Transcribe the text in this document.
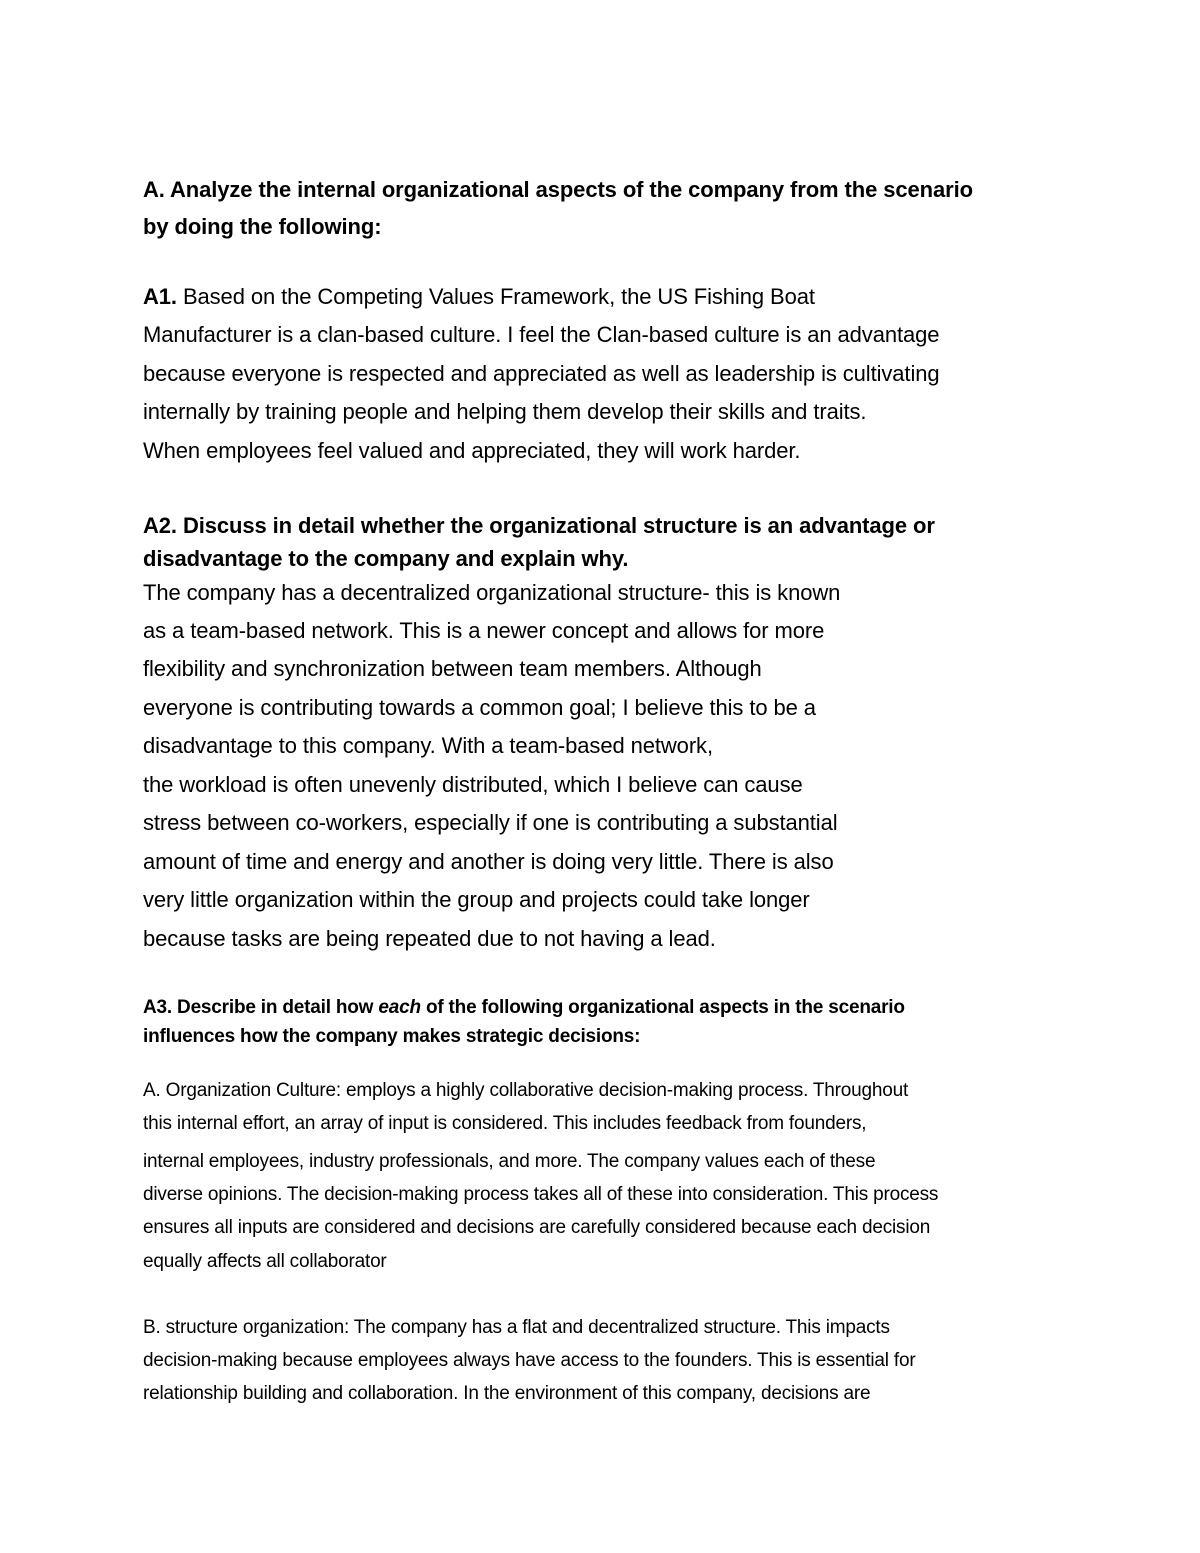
A. Analyze the internal organizational aspects of the company from the scenario

by doing the following:

A1. Based on the Competing Values Framework, the US Fishing Boat

Manufacturer is a clan-based culture. I feel the Clan-based culture is an advantage

because everyone is respected and appreciated as well as leadership is cultivating

internally by training people and helping them develop their skills and traits.

When employees feel valued and appreciated, they will work harder.

A2. Discuss in detail whether the organizational structure is an advantage or

disadvantage to the company and explain why.

The company has a decentralized organizational structure- this is known

as a team-based network. This is a newer concept and allows for more

flexibility and synchronization between team members. Although

everyone is contributing towards a common goal; I believe this to be a

disadvantage to this company. With a team-based network,

the workload is often unevenly distributed, which I believe can cause

stress between co-workers, especially if one is contributing a substantial

amount of time and energy and another is doing very little. There is also

very little organization within the group and projects could take longer

because tasks are being repeated due to not having a lead.

A3. Describe in detail how each of the following organizational aspects in the scenario

influences how the company makes strategic decisions:

A. Organization Culture: employs a highly collaborative decision-making process. Throughout

this internal effort, an array of input is considered. This includes feedback from founders,

internal employees, industry professionals, and more. The company values each of these

diverse opinions. The decision-making process takes all of these into consideration. This process

ensures all inputs are considered and decisions are carefully considered because each decision

equally affects all collaborator

B. structure organization: The company has a flat and decentralized structure. This impacts

decision-making because employees always have access to the founders. This is essential for

relationship building and collaboration. In the environment of this company, decisions are
